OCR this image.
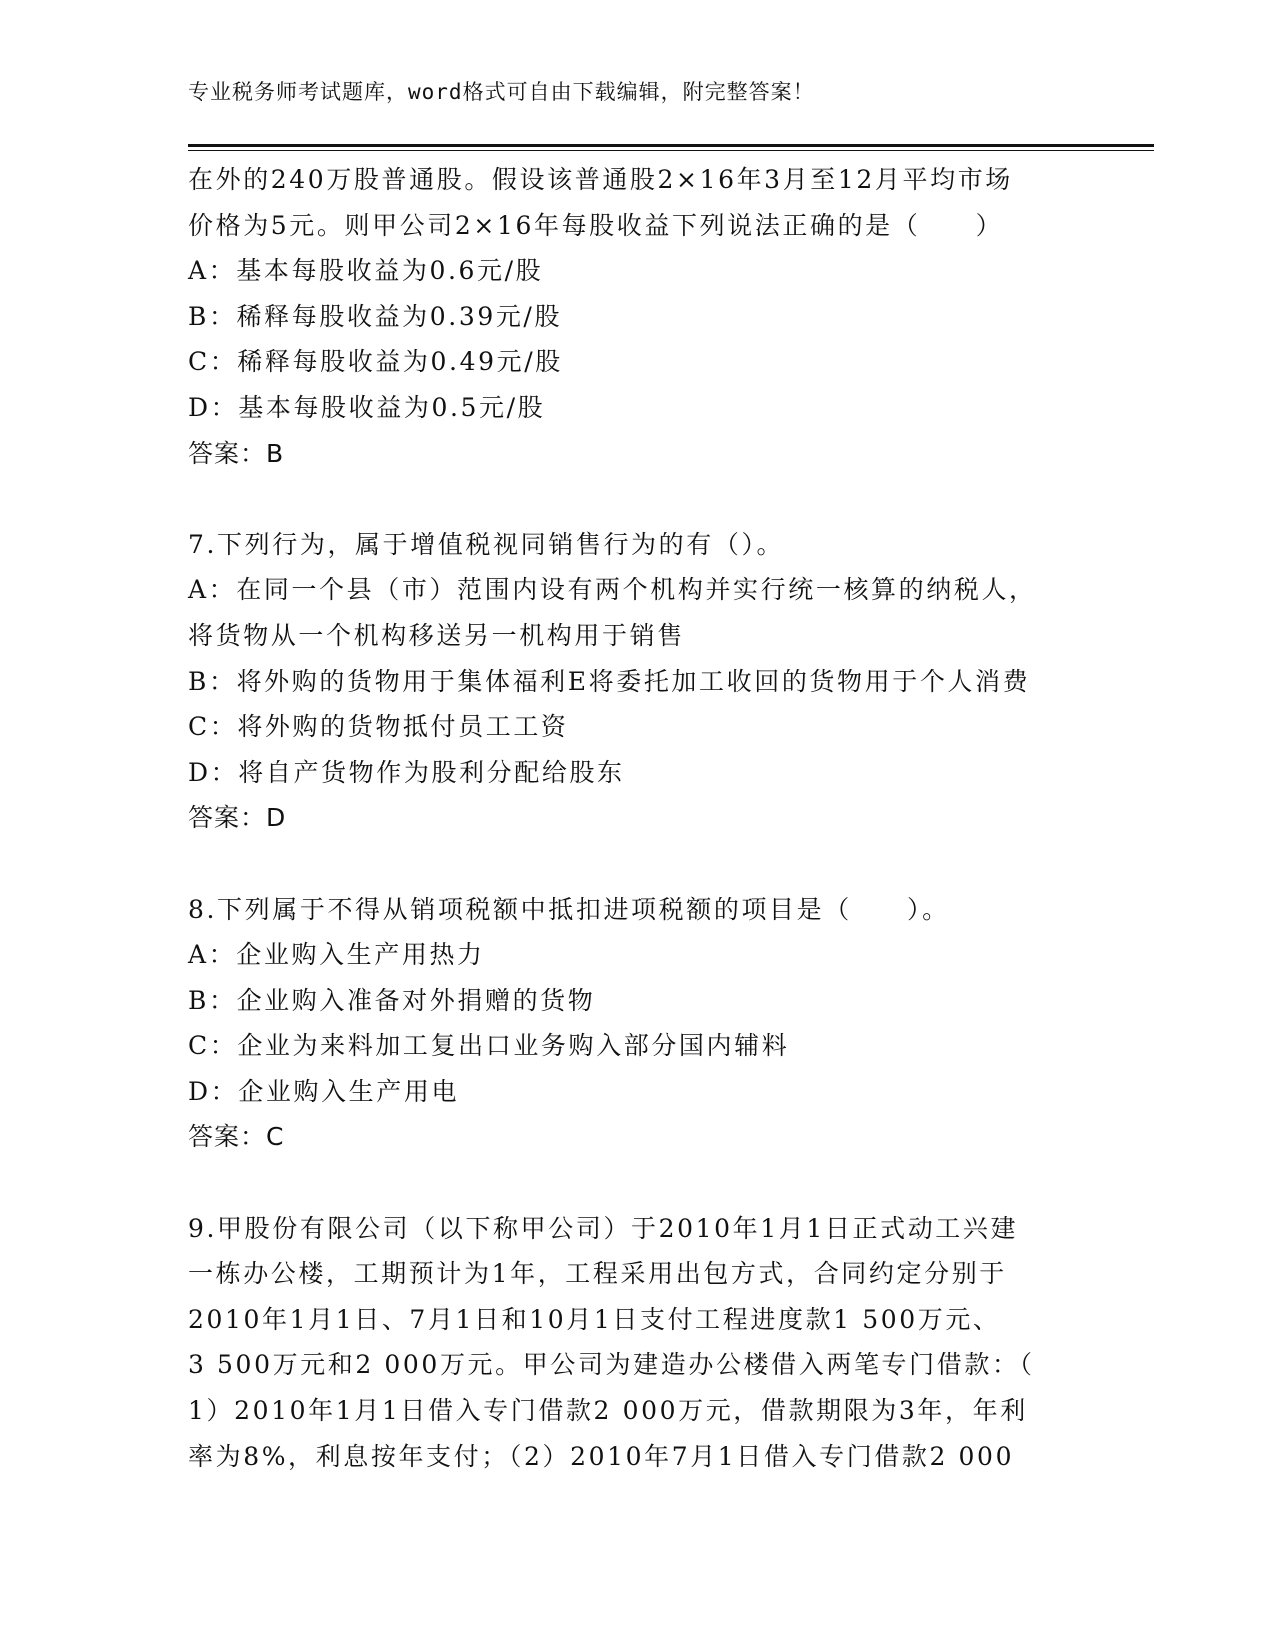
专业税务师考试题库，word格式可自由下载编辑，附完整答案！
在外的240万股普通股。假设该普通股2×16年3月至12月平均市场
价格为5元。则甲公司2×16年每股收益下列说法正确的是（　　）
A：基本每股收益为0.6元/股
B：稀释每股收益为0.39元/股
C：稀释每股收益为0.49元/股
D：基本每股收益为0.5元/股
答案：B
7.下列行为，属于增值税视同销售行为的有（）。
A：在同一个县（市）范围内设有两个机构并实行统一核算的纳税人，
将货物从一个机构移送另一机构用于销售
B：将外购的货物用于集体福利E将委托加工收回的货物用于个人消费
C：将外购的货物抵付员工工资
D：将自产货物作为股利分配给股东
答案：D
8.下列属于不得从销项税额中抵扣进项税额的项目是（　　）。
A：企业购入生产用热力
B：企业购入准备对外捐赠的货物
C：企业为来料加工复出口业务购入部分国内辅料
D：企业购入生产用电
答案：C
9.甲股份有限公司（以下称甲公司）于2010年1月1日正式动工兴建
一栋办公楼，工期预计为1年，工程采用出包方式，合同约定分别于
2010年1月1日、7月1日和10月1日支付工程进度款1 500万元、
3 500万元和2 000万元。甲公司为建造办公楼借入两笔专门借款：（
1）2010年1月1日借入专门借款2 000万元，借款期限为3年，年利
率为8%，利息按年支付；（2）2010年7月1日借入专门借款2 000
